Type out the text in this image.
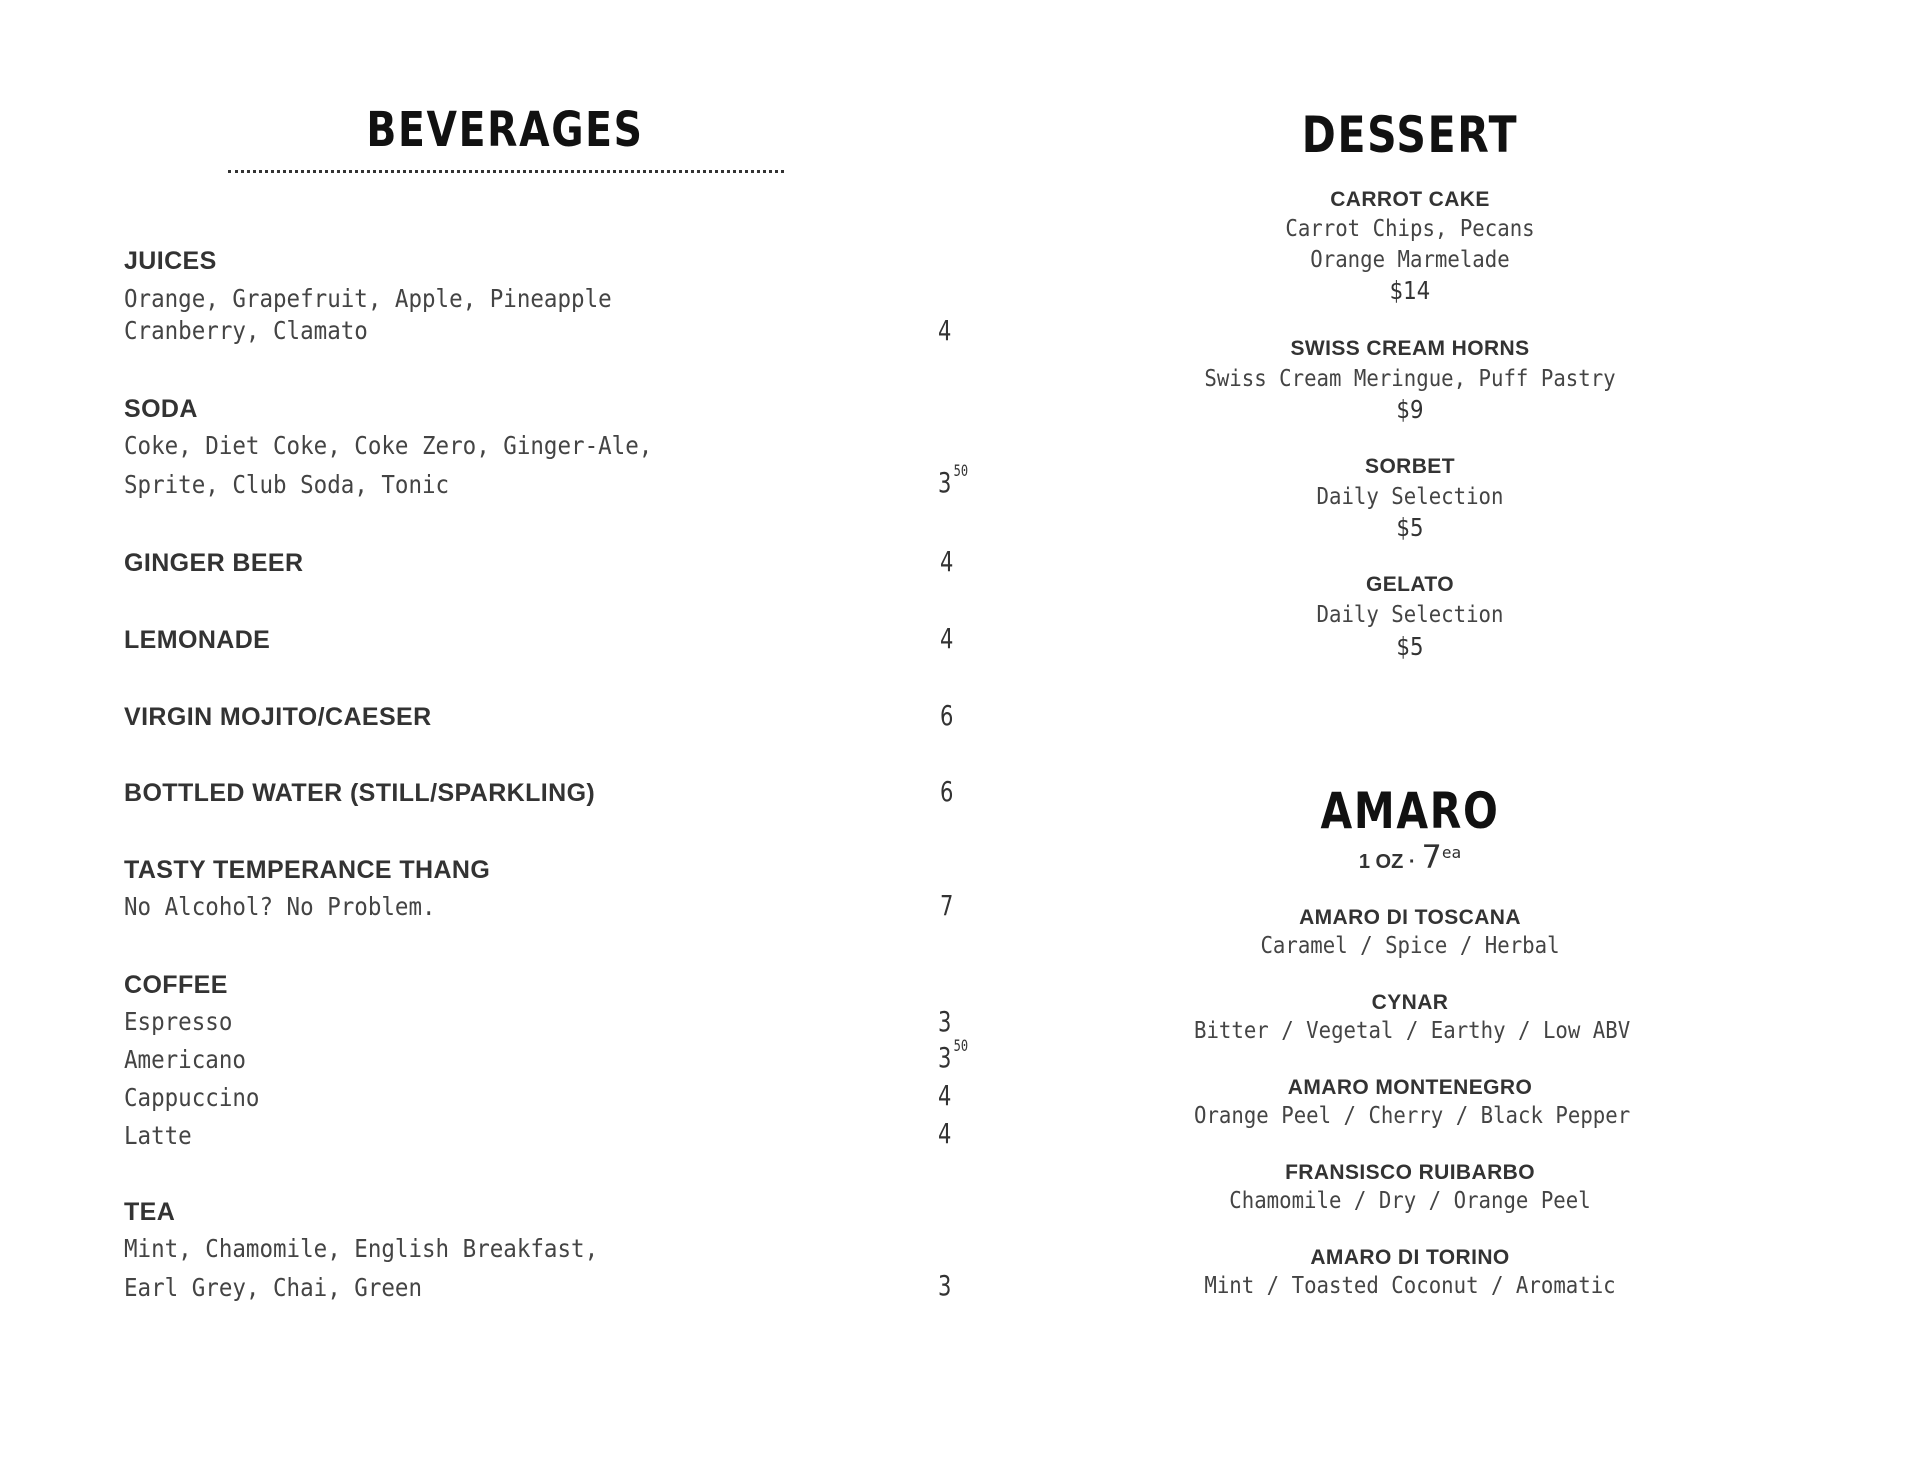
BEVERAGES
JUICES
Orange, Grapefruit, Apple, Pineapple
Cranberry, Clamato	4
SODA
Coke, Diet Coke, Coke Zero, Ginger-Ale,
Sprite, Club Soda, Tonic	3 $^{50}$
GINGER BEER	4
LEMONADE	4
VIRGIN MOJITO/CAESER	6
BOTTLED WATER (STILL/SPARKLING)	6
TASTY TEMPERANCE THANG
No Alcohol? No Problem.	7
COFFEE
Espresso	3
Americano	3 $^{50}$
Cappuccino	4
Latte	4
TEA
Mint, Chamomile, English Breakfast,
Earl Grey, Chai, Green	3
DESSERT
CARROT CAKE
Carrot Chips, Pecans
Orange Marmelade
$14
SWISS CREAM HORNS
Swiss Cream Meringue, Puff Pastry
$9
SORBET
Daily Selection
$5
GELATO
Daily Selection
$5
AMARO
1 OZ · $7^{ea}$
AMARO DI TOSCANA
Caramel / Spice / Herbal
CYNAR
Bitter / Vegetal / Earthy / Low ABV
AMARO MONTENEGRO
Orange Peel / Cherry / Black Pepper
FRANSISCO RUIBARBO
Chamomile / Dry / Orange Peel
AMARO DI TORINO
Mint / Toasted Coconut / Aromatic
